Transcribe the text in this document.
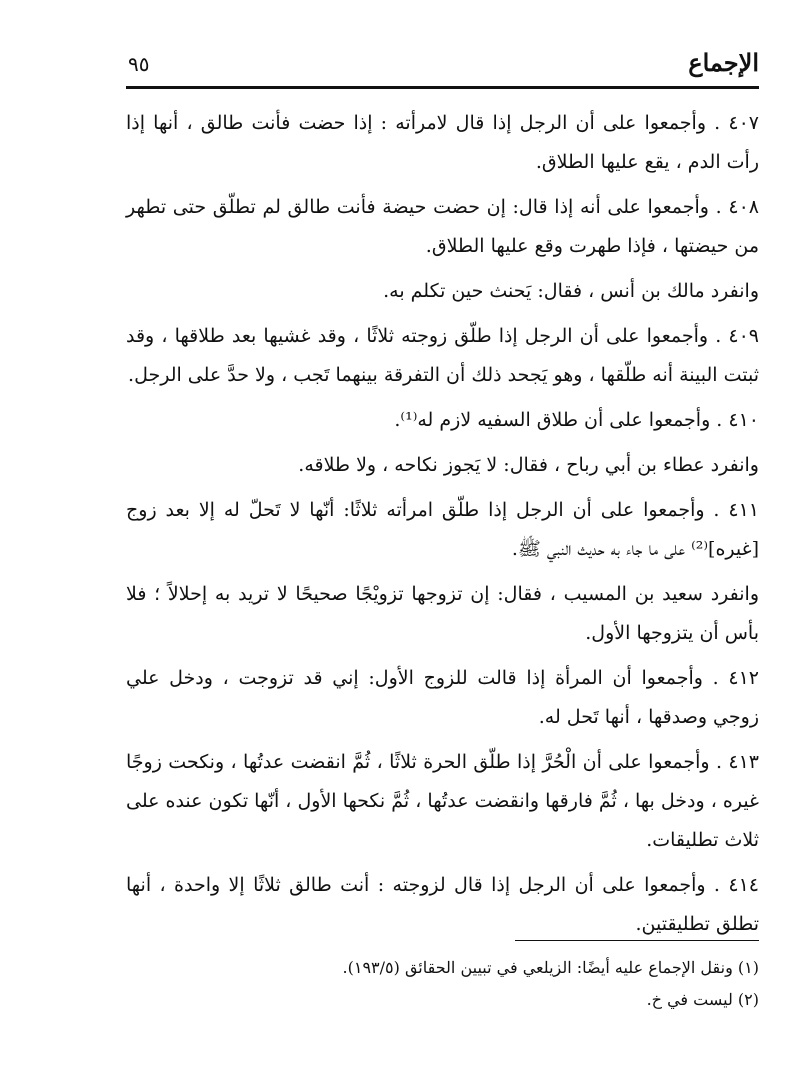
الإجماع
٩٥

٤٠٧ . وأجمعوا على أن الرجل إذا قال لامرأته : إذا حضت فأنت طالق ، أنها إذا رأت الدم ، يقع عليها الطلاق.

٤٠٨ . وأجمعوا على أنه إذا قال: إن حضت حيضة فأنت طالق لم تطلّق حتى تطهر من حيضتها ، فإذا طهرت وقع عليها الطلاق.

وانفرد مالك بن أنس ، فقال: يَحنث حين تكلم به.

٤٠٩ . وأجمعوا على أن الرجل إذا طلّق زوجته ثلاثًا ، وقد غشيها بعد طلاقها ، وقد ثبتت البينة أنه طلّقها ، وهو يَجحد ذلك أن التفرقة بينهما تَجب ، ولا حدَّ على الرجل.

٤١٠ . وأجمعوا على أن طلاق السفيه لازم له⁽¹⁾.

وانفرد عطاء بن أبي رباح ، فقال: لا يَجوز نكاحه ، ولا طلاقه.

٤١١ . وأجمعوا على أن الرجل إذا طلّق امرأته ثلاثًا: أنّها لا تَحلّ له إلا بعد زوج [غيره]⁽²⁾ على ما جاء به حديث النبي ﷺ.

وانفرد سعيد بن المسيب ، فقال: إن تزوجها تزويْجًا صحيحًا لا تريد به إحلالاً ؛ فلا بأس أن يتزوجها الأول.

٤١٢ . وأجمعوا أن المرأة إذا قالت للزوج الأول: إني قد تزوجت ، ودخل علي زوجي وصدقها ، أنها تَحل له.

٤١٣ . وأجمعوا على أن الْحُرَّ إذا طلّق الحرة ثلاثًا ، ثُمَّ انقضت عدتُها ، ونكحت زوجًا غيره ، ودخل بها ، ثُمَّ فارقها وانقضت عدتُها ، ثُمَّ نكحها الأول ، أنّها تكون عنده على ثلاث تطليقات.

٤١٤ . وأجمعوا على أن الرجل إذا قال لزوجته : أنت طالق ثلاثًا إلا واحدة ، أنها تطلق تطليقتين.

(١) ونقل الإجماع عليه أيضًا: الزيلعي في تبيين الحقائق (١٩٣/٥).

(٢) ليست في خ.
